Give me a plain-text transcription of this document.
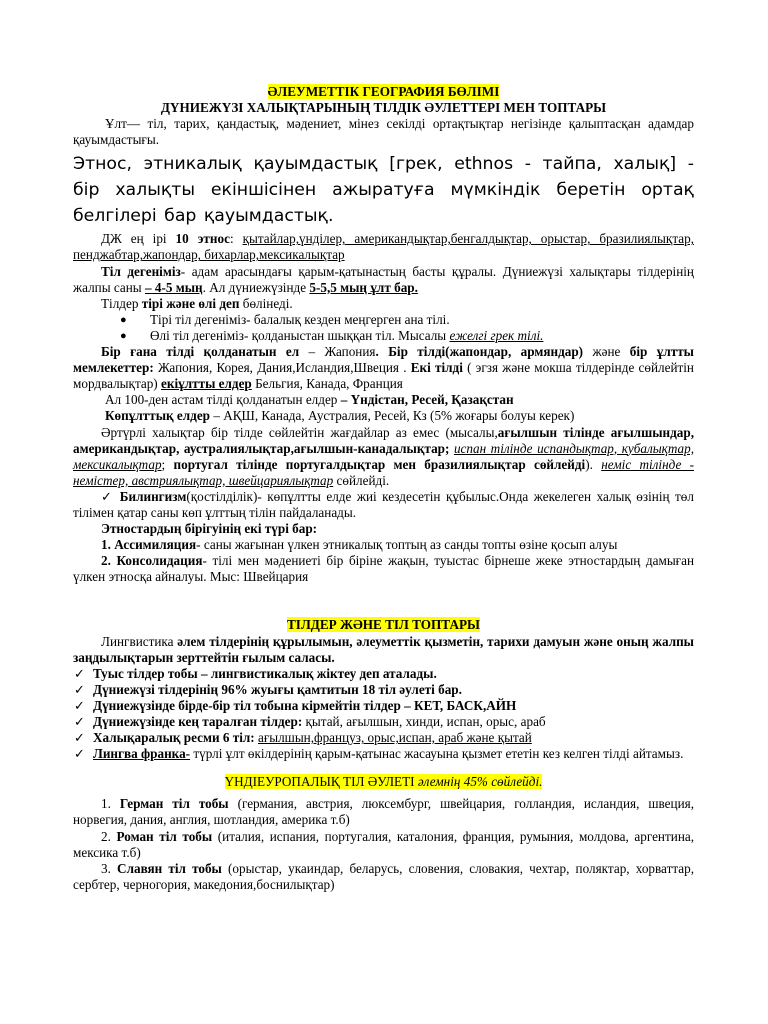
ӘЛЕУМЕТТІК ГЕОГРАФИЯ БӨЛІМІ

ДҮНИЕЖҮЗІ ХАЛЫҚТАРЫНЫҢ ТІЛДІК ӘУЛЕТТЕРІ МЕН ТОПТАРЫ

Ұлт— тіл, тарих, қандастық, мәдениет, мінез секілді ортақтықтар негізінде қалыптасқан адамдар қауымдастығы.

Этнос, этникалық қауымдастық [грек, ethnos - тайпа, халық] - бір халықты екіншісінен ажыратуға мүмкіндік беретін ортақ белгілері бар қауымдастық.

ДЖ ең ірі 10 этнос: қытайлар,үнділер, американдықтар,бенгалдықтар, орыстар, бразилиялықтар, пенджабтар,жапондар, бихарлар,мексикалықтар

Тіл дегеніміз- адам арасындағы қарым-қатынастың басты құралы. Дүниежүзі халықтары тілдерінің жалпы саны – 4-5 мың. Ал дүниежүзінде 5-5,5 мың ұлт бар.

Тілдер тірі және өлі деп бөлінеді.

● Тірі тіл дегеніміз- балалық кезден меңгерген ана тілі.

● Өлі тіл дегеніміз- қолданыстан шыққан тіл. Мысалы ежелгі грек тілі.

Бір ғана тілді қолданатын ел – Жапония. Бір тілді(жапондар, армяндар) және бір ұлтты мемлекеттер: Жапония, Корея, Дания,Исландия,Швеция . Екі тілді ( эгзя және мокша тілдерінде сөйлейтін мордвалықтар) екіұлтты елдер Бельгия, Канада, Франция

Ал 100-ден астам тілді қолданатын елдер – Үндістан, Ресей, Қазақстан

Көпұлттық елдер – АҚШ, Канада, Аустралия, Ресей, Кз (5% жоғары болуы керек)

Әртүрлі халықтар бір тілде сөйлейтін жағдайлар аз емес (мысалы,ағылшын тілінде ағылшындар, американдықтар, аустралиялықтар,ағылшын-канадалықтар; испан тілінде испандықтар, кубалықтар, мексикалықтар; португал тілінде португалдықтар мен бразилиялықтар сөйлейді). неміс тілінде - немістер, австриялықтар, швейцариялықтар сөйлейді.

✓ Билингизм(қостілділік)- көпұлтты елде жиі кездесетін құбылыс.Онда жекелеген халық өзінің төл тілімен қатар саны көп ұлттың тілін пайдаланады.

Этностардың бірігуінің екі түрі бар:

1. Ассимиляция- саны жағынан үлкен этникалық топтың аз санды топты өзіне қосып алуы

2. Консолидация- тілі мен мәдениеті бір біріне жақын, туыстас бірнеше жеке этностардың дамыған үлкен этносқа айналуы. Мыс: Швейцария

ТІЛДЕР ЖӘНЕ ТІЛ ТОПТАРЫ

Лингвистика әлем тілдерінің құрылымын, әлеуметтік қызметін, тарихи дамуын және оның жалпы заңдылықтарын зерттейтін ғылым саласы.

✓ Туыс тілдер тобы – лингвистикалық жіктеу деп аталады.

✓ Дүниежүзі тілдерінің 96% жуығы қамтитын 18 тіл әулеті бар.

✓ Дүниежүзінде бірде-бір тіл тобына кірмейтін тілдер – КЕТ, БАСК,АЙН

✓ Дүниежүзінде кең таралған тілдер: қытай, ағылшын, хинди, испан, орыс, араб

✓ Халықаралық ресми 6 тіл: ағылшын,француз, орыс,испан, араб және қытай

✓ Лингва франка- түрлі ұлт өкілдерінің қарым-қатынас жасауына қызмет ететін кез келген тілді айтамыз.

ҮНДІЕУРОПАЛЫҚ ТІЛ ӘУЛЕТІ әлемнің 45% сөйлейді.

1. Герман тіл тобы (германия, австрия, люксембург, швейцария, голландия, исландия, швеция, норвегия, дания, англия, шотландия, америка т.б)

2. Роман тіл тобы (италия, испания, португалия, каталония, франция, румыния, молдова, аргентина, мексика т.б)

3. Славян тіл тобы (орыстар, укаиндар, беларусь, словения, словакия, чехтар, поляктар, хорваттар, сербтер, черногория, македония,боснилықтар)
